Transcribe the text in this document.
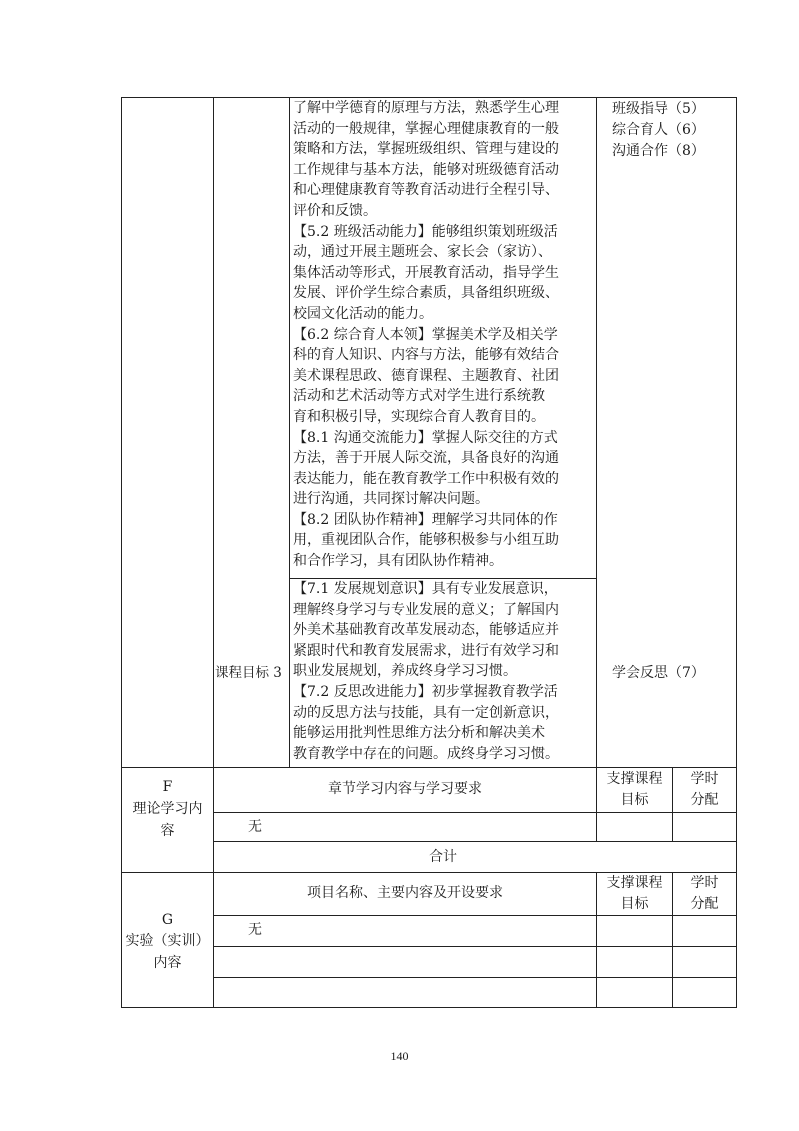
了解中学德育的原理与方法，熟悉学生心理
活动的一般规律，掌握心理健康教育的一般
策略和方法，掌握班级组织、管理与建设的
工作规律与基本方法，能够对班级德育活动
和心理健康教育等教育活动进行全程引导、
评价和反馈。
【5.2 班级活动能力】能够组织策划班级活
动，通过开展主题班会、家长会（家访）、
集体活动等形式，开展教育活动，指导学生
发展、评价学生综合素质，具备组织班级、
校园文化活动的能力。
【6.2 综合育人本领】掌握美术学及相关学
科的育人知识、内容与方法，能够有效结合
美术课程思政、德育课程、主题教育、社团
活动和艺术活动等方式对学生进行系统教
育和积极引导，实现综合育人教育目的。
【8.1 沟通交流能力】掌握人际交往的方式
方法，善于开展人际交流，具备良好的沟通
表达能力，能在教育教学工作中积极有效的
进行沟通，共同探讨解决问题。
【8.2 团队协作精神】理解学习共同体的作
用，重视团队合作，能够积极参与小组互助
和合作学习，具有团队协作精神。
班级指导（5）
综合育人（6）
沟通合作（8）
课程目标 3
【7.1 发展规划意识】具有专业发展意识，
理解终身学习与专业发展的意义；了解国内
外美术基础教育改革发展动态，能够适应并
紧跟时代和教育发展需求，进行有效学习和
职业发展规划，养成终身学习习惯。
【7.2 反思改进能力】初步掌握教育教学活
动的反思方法与技能，具有一定创新意识，
能够运用批判性思维方法分析和解决美术
教育教学中存在的问题。成终身学习习惯。
学会反思（7）
F
理论学习内
容
章节学习内容与学习要求
支撑课程
目标
学时
分配
无
合计
G
实验（实训）
内容
项目名称、主要内容及开设要求
支撑课程
目标
学时
分配
无
140
